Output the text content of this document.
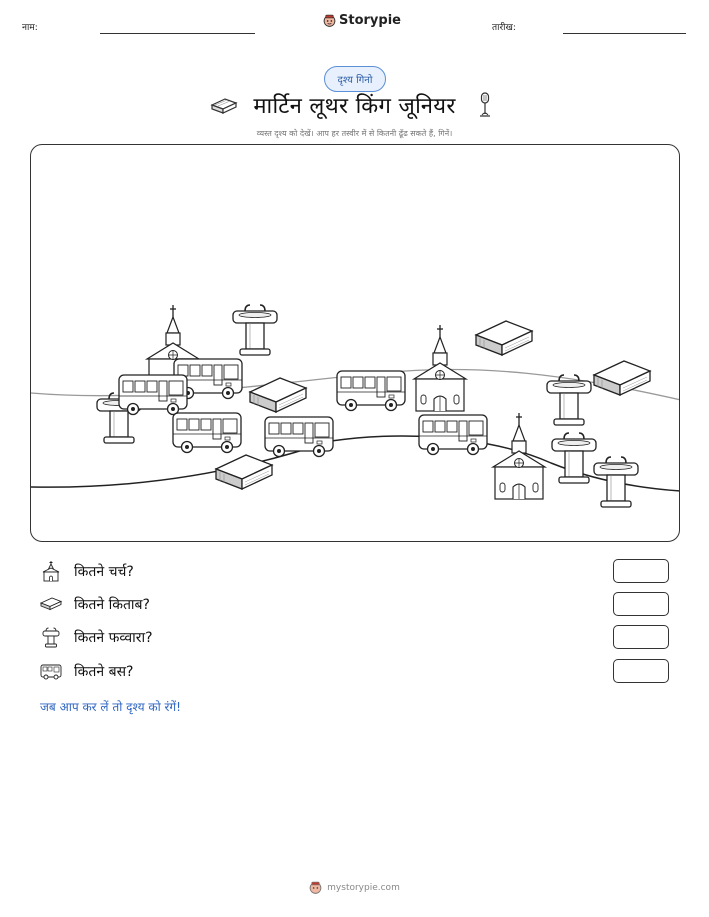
नाम:	Storypie	तारीख:
दृश्य गिनो
मार्टिन लूथर किंग जूनियर
व्यस्त दृश्य को देखें। आप हर तस्वीर में से कितनी ढूँढ सकते हैं, गिनें।
कितने चर्च?
कितने किताब?
कितने फव्वारा?
कितने बस?
जब आप कर लें तो दृश्य को रंगें!
mystorypie.com
